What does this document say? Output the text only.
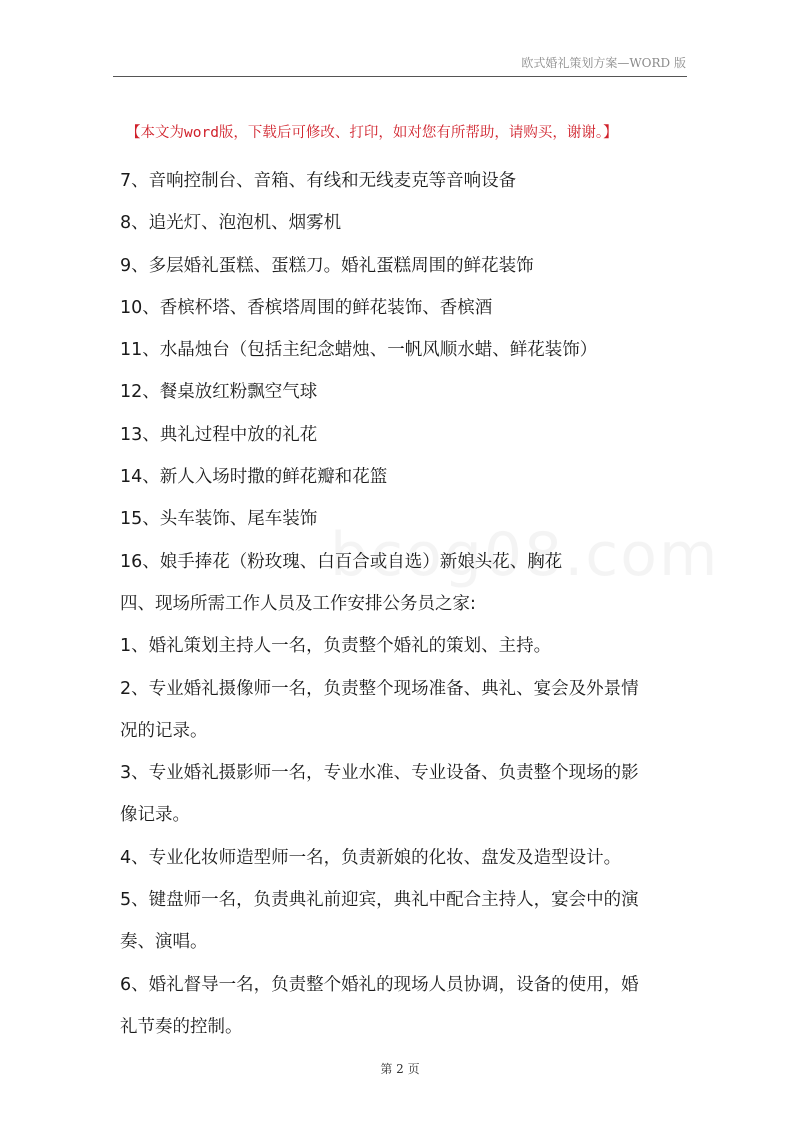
欧式婚礼策划方案—WORD 版
【本文为word版，下载后可修改、打印，如对您有所帮助，请购买，谢谢。】
7、音响控制台、音箱、有线和无线麦克等音响设备
8、追光灯、泡泡机、烟雾机
9、多层婚礼蛋糕、蛋糕刀。婚礼蛋糕周围的鲜花装饰
10、香槟杯塔、香槟塔周围的鲜花装饰、香槟酒
11、水晶烛台（包括主纪念蜡烛、一帆风顺水蜡、鲜花装饰）
12、餐桌放红粉飘空气球
13、典礼过程中放的礼花
14、新人入场时撒的鲜花瓣和花篮
15、头车装饰、尾车装饰
16、娘手捧花（粉玫瑰、白百合或自选）新娘头花、胸花
四、现场所需工作人员及工作安排公务员之家:
1、婚礼策划主持人一名，负责整个婚礼的策划、主持。
2、专业婚礼摄像师一名，负责整个现场准备、典礼、宴会及外景情
况的记录。
3、专业婚礼摄影师一名，专业水准、专业设备、负责整个现场的影
像记录。
4、专业化妆师造型师一名，负责新娘的化妆、盘发及造型设计。
5、键盘师一名，负责典礼前迎宾，典礼中配合主持人，宴会中的演
奏、演唱。
6、婚礼督导一名，负责整个婚礼的现场人员协调，设备的使用，婚
礼节奏的控制。
第 2 页
